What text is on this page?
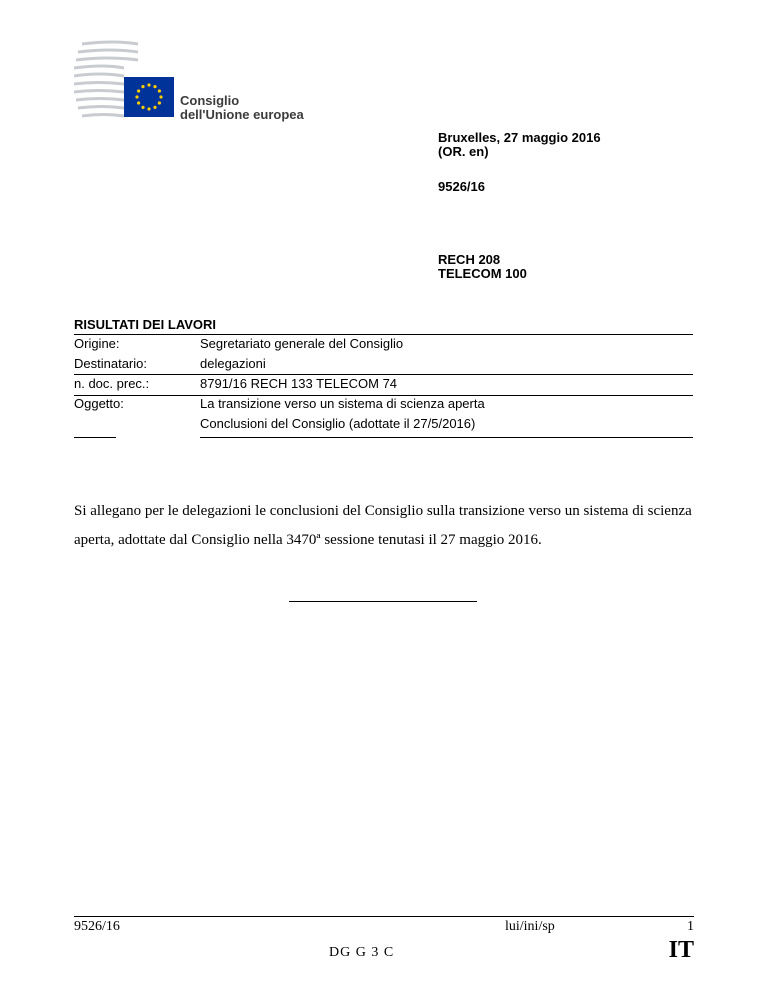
Consiglio
dell'Unione europea
Bruxelles, 27 maggio 2016
(OR. en)
9526/16
RECH 208
TELECOM 100
RISULTATI DEI LAVORI
Origine:	Segretariato generale del Consiglio
Destinatario:	delegazioni
n. doc. prec.:	8791/16 RECH 133 TELECOM 74
Oggetto:	La transizione verso un sistema di scienza aperta
Conclusioni del Consiglio (adottate il 27/5/2016)
Si allegano per le delegazioni le conclusioni del Consiglio sulla transizione verso un sistema di scienza aperta, adottate dal Consiglio nella 3470ª sessione tenutasi il 27 maggio 2016.
9526/16	lui/ini/sp	1
DG G 3 C	IT
